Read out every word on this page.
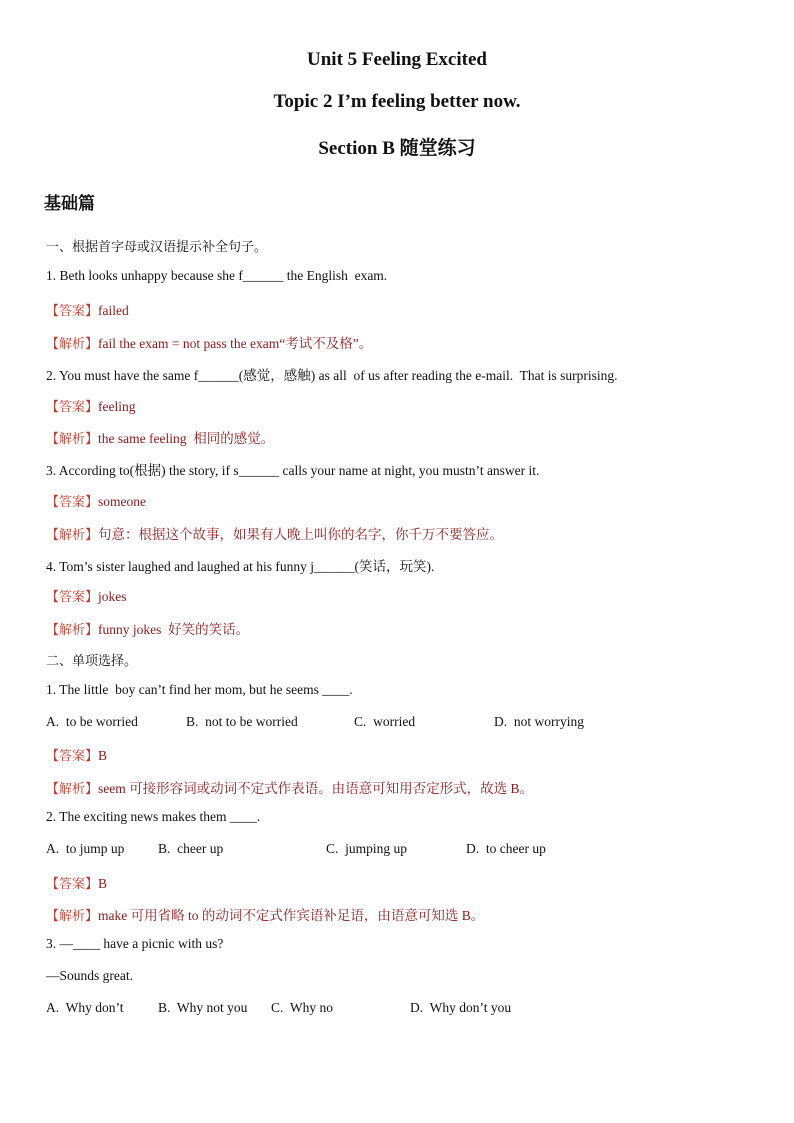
Unit 5 Feeling Excited
Topic 2 I’m feeling better now.
Section B 随堂练习
基础篇
一、根据首字母或汉语提示补全句子。
1. Beth looks unhappy because she f______ the English  exam.
【答案】failed
【解析】fail the exam = not pass the exam“考试不及格”。
2. You must have the same f______(感觉，感触) as all  of us after reading the e-mail.  That is surprising.
【答案】feeling
【解析】the same feeling  相同的感觉。
3. According to(根据) the story, if s______ calls your name at night, you mustn’t answer it.
【答案】someone
【解析】句意：根据这个故事，如果有人晚上叫你的名字，你千万不要答应。
4. Tom’s sister laughed and laughed at his funny j______(笑话，玩笑).
【答案】jokes
【解析】funny jokes  好笑的笑话。
二、单项选择。
1. The little  boy can’t find her mom, but he seems ____.
A.  to be worried	B.  not to be worried	C.  worried	D.  not worrying
【答案】B
【解析】seem 可接形容词或动词不定式作表语。由语意可知用否定形式，故选 B。
2. The exciting news makes them ____.
A.  to jump up B.  cheer up	C.  jumping up	D.  to cheer up
【答案】B
【解析】make 可用省略 to 的动词不定式作宾语补足语，由语意可知选 B。
3. —____ have a picnic with us?
—Sounds great.
A.  Why don’t	B.  Why not you C.  Why no	D.  Why don’t you
